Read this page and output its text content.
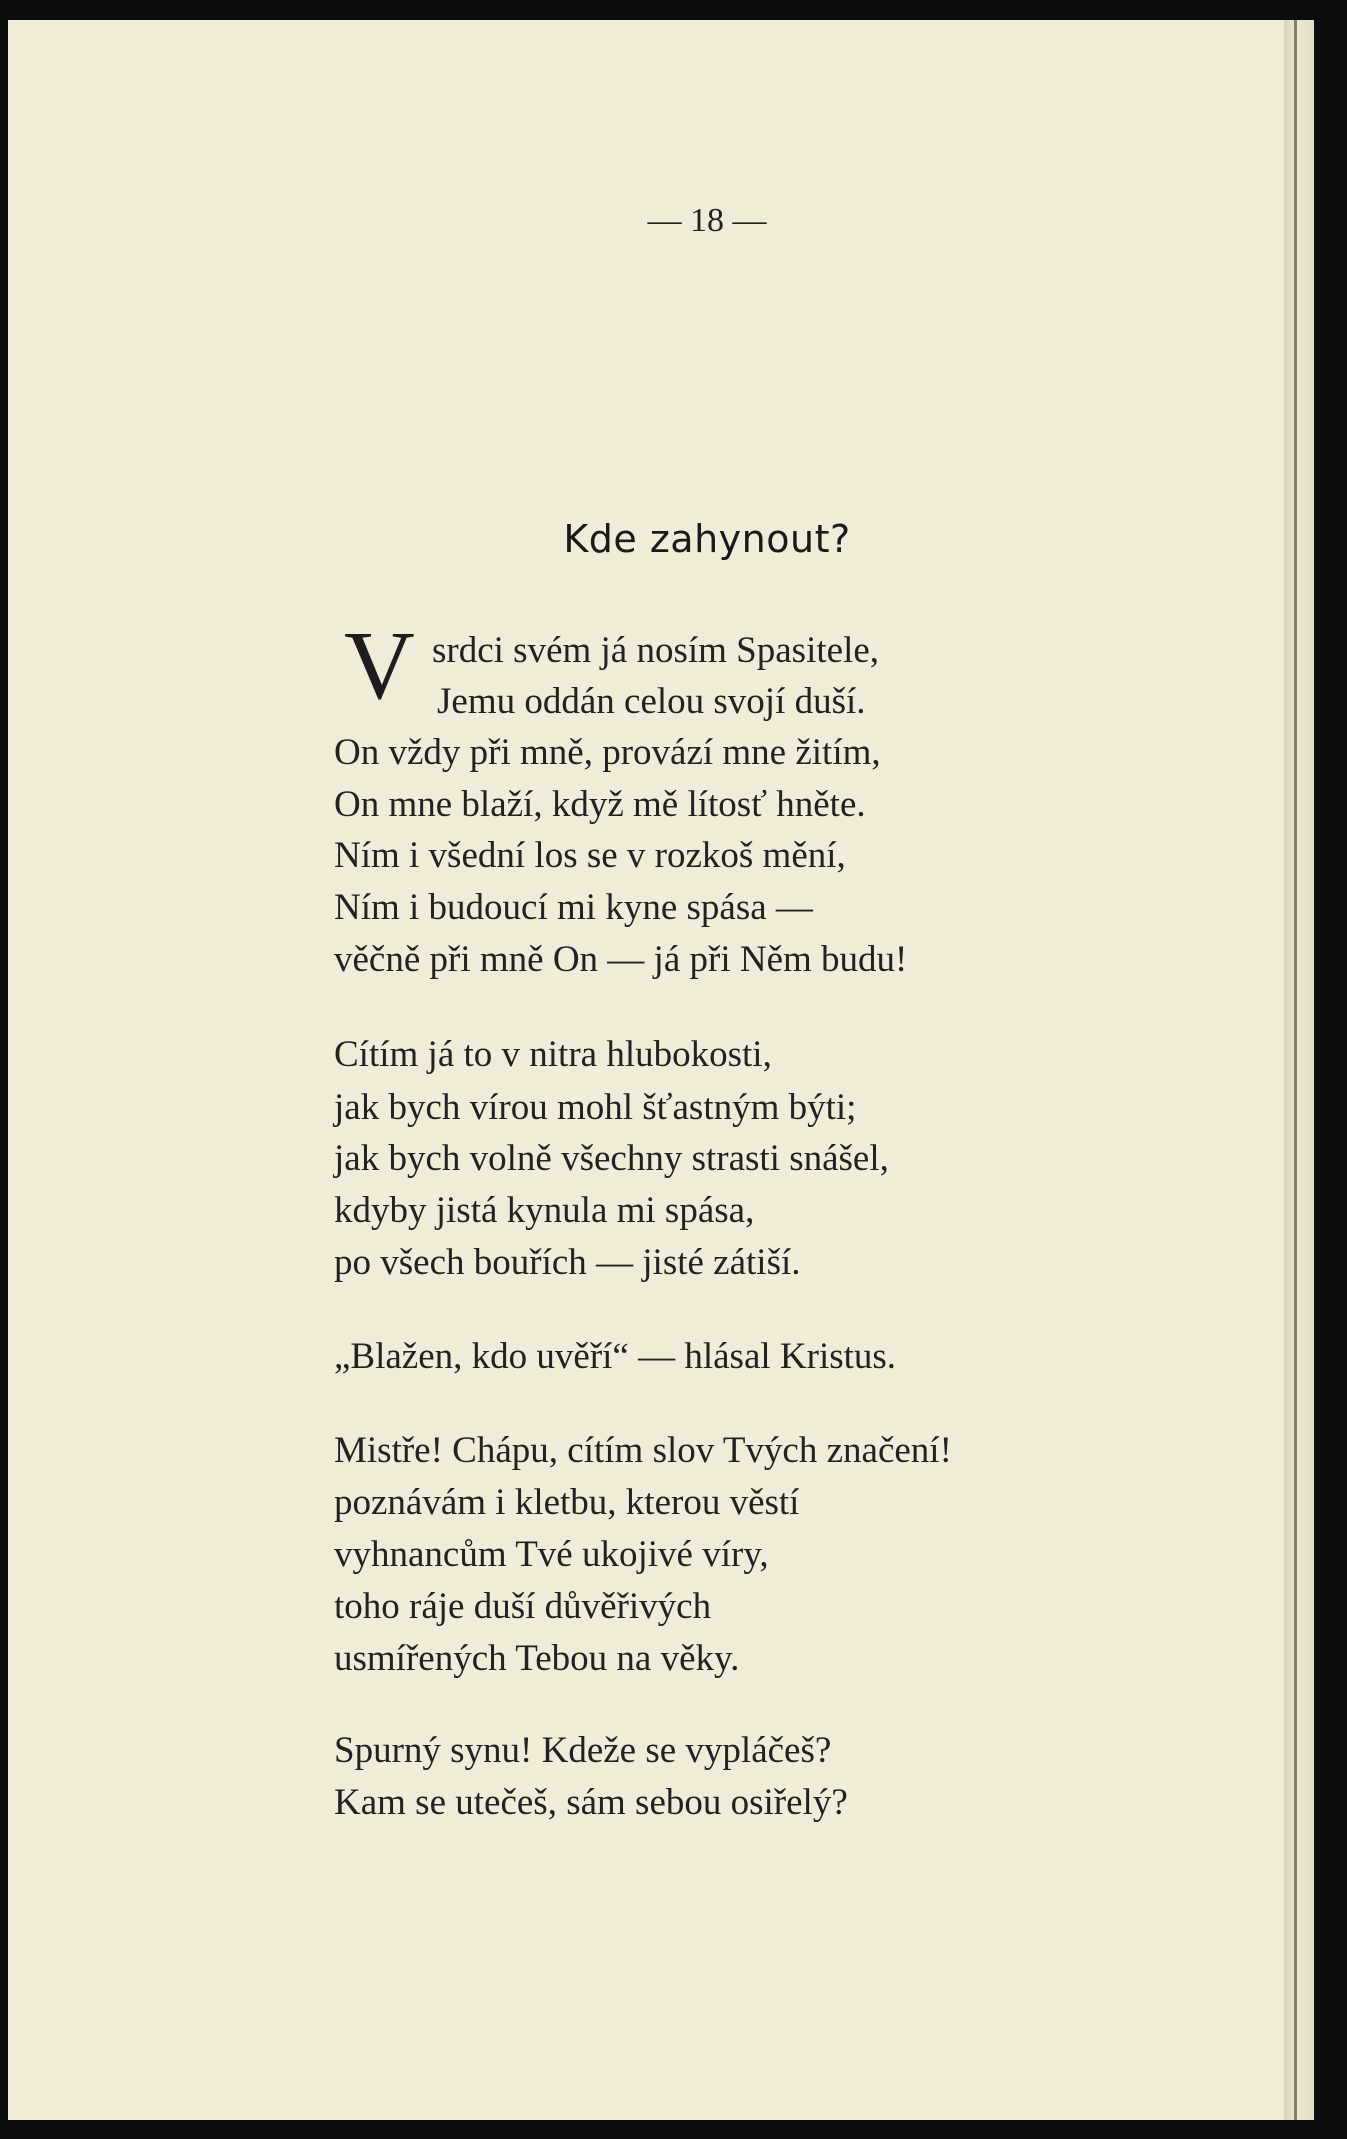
— 18 —
Kde zahynout?
V srdci svém já nosím Spasitele,
Jemu oddán celou svojí duší.
On vždy při mně, provází mne žitím,
On mne blaží, když mě lítosť hněte.
Ním i všední los se v rozkoš mění,
Ním i budoucí mi kyne spása —
věčně při mně On — já při Něm budu!
Cítím já to v nitra hlubokosti,
jak bych vírou mohl šťastným býti;
jak bych volně všechny strasti snášel,
kdyby jistá kynula mi spása,
po všech bouřích — jisté zátiší.
„Blažen, kdo uvěří“ — hlásal Kristus.
Mistře! Chápu, cítím slov Tvých značení!
poznávám i kletbu, kterou věstí
vyhnancům Tvé ukojivé víry,
toho ráje duší důvěřivých
usmířených Tebou na věky.
Spurný synu! Kdeže se vypláčeš?
Kam se utečeš, sám sebou osiřelý?
